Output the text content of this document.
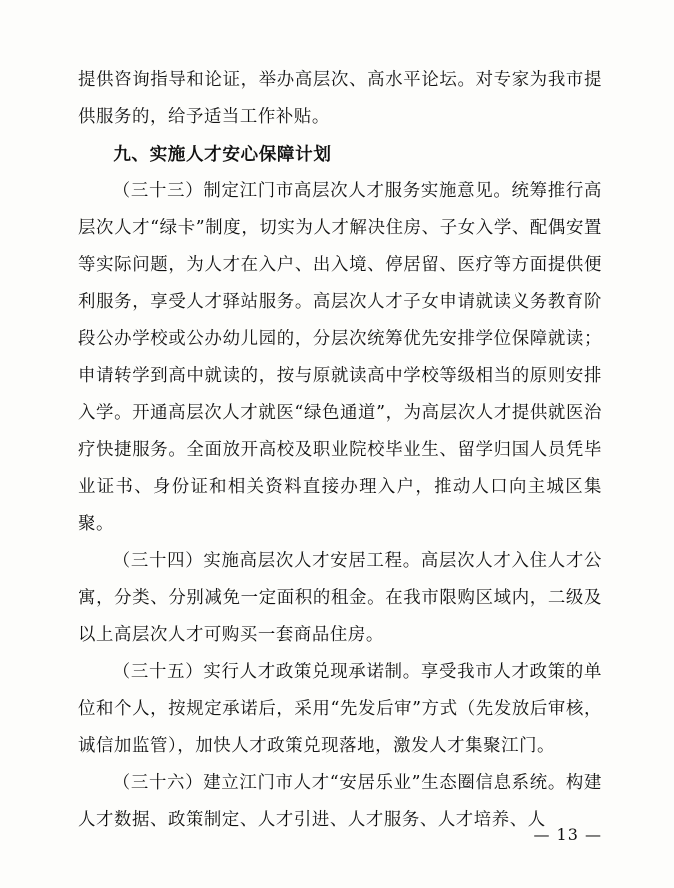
提供咨询指导和论证，举办高层次、高水平论坛。对专家为我市提供服务的，给予适当工作补贴。

九、实施人才安心保障计划

（三十三）制定江门市高层次人才服务实施意见。统筹推行高层次人才“绿卡”制度，切实为人才解决住房、子女入学、配偶安置等实际问题，为人才在入户、出入境、停居留、医疗等方面提供便利服务，享受人才驿站服务。高层次人才子女申请就读义务教育阶段公办学校或公办幼儿园的，分层次统筹优先安排学位保障就读；申请转学到高中就读的，按与原就读高中学校等级相当的原则安排入学。开通高层次人才就医“绿色通道”，为高层次人才提供就医治疗快捷服务。全面放开高校及职业院校毕业生、留学归国人员凭毕业证书、身份证和相关资料直接办理入户，推动人口向主城区集聚。

（三十四）实施高层次人才安居工程。高层次人才入住人才公寓，分类、分别减免一定面积的租金。在我市限购区域内，二级及以上高层次人才可购买一套商品住房。

（三十五）实行人才政策兑现承诺制。享受我市人才政策的单位和个人，按规定承诺后，采用“先发后审”方式（先发放后审核，诚信加监管），加快人才政策兑现落地，激发人才集聚江门。

（三十六）建立江门市人才“安居乐业”生态圈信息系统。构建人才数据、政策制定、人才引进、人才服务、人才培养、人

— 13 —
